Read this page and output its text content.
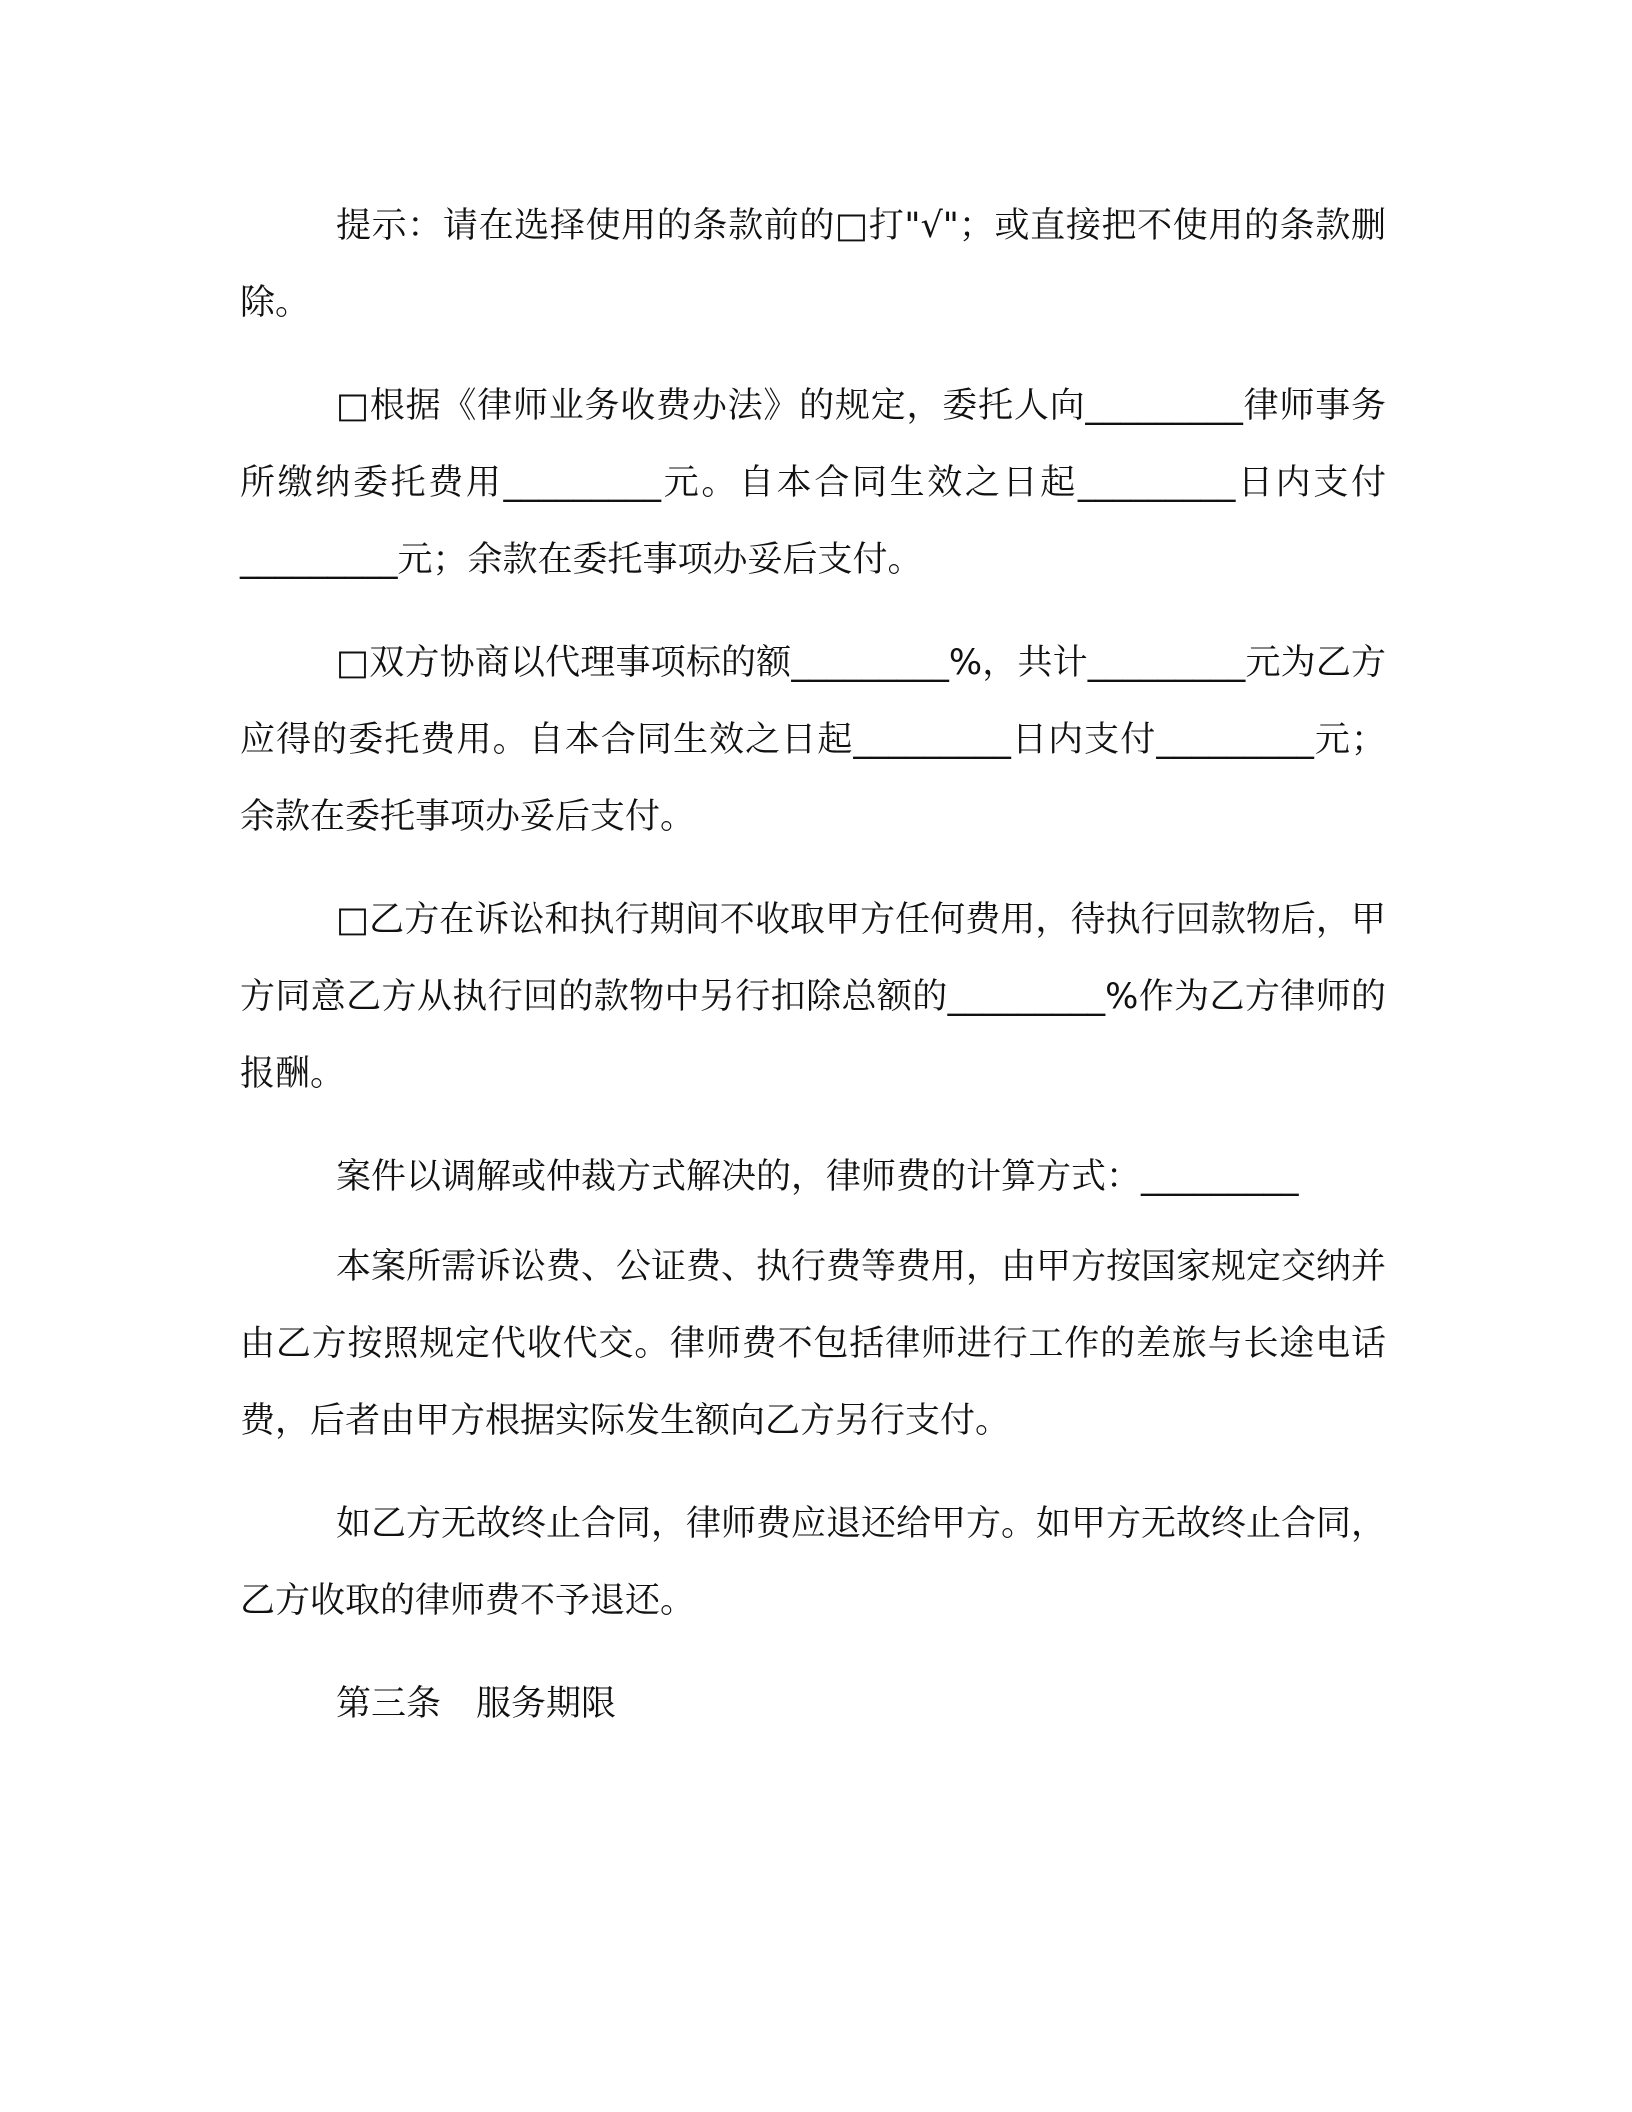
提示：请在选择使用的条款前的□打"√"；或直接把不使用的条款删除。

□根据《律师业务收费办法》的规定，委托人向_________律师事务所缴纳委托费用_________元。自本合同生效之日起_________日内支付_________元；余款在委托事项办妥后支付。

□双方协商以代理事项标的额_________%，共计_________元为乙方应得的委托费用。自本合同生效之日起_________日内支付_________元；余款在委托事项办妥后支付。

□乙方在诉讼和执行期间不收取甲方任何费用，待执行回款物后，甲方同意乙方从执行回的款物中另行扣除总额的_________%作为乙方律师的报酬。

案件以调解或仲裁方式解决的，律师费的计算方式：_________

本案所需诉讼费、公证费、执行费等费用，由甲方按国家规定交纳并由乙方按照规定代收代交。律师费不包括律师进行工作的差旅与长途电话费，后者由甲方根据实际发生额向乙方另行支付。

如乙方无故终止合同，律师费应退还给甲方。如甲方无故终止合同，乙方收取的律师费不予退还。

第三条　服务期限
